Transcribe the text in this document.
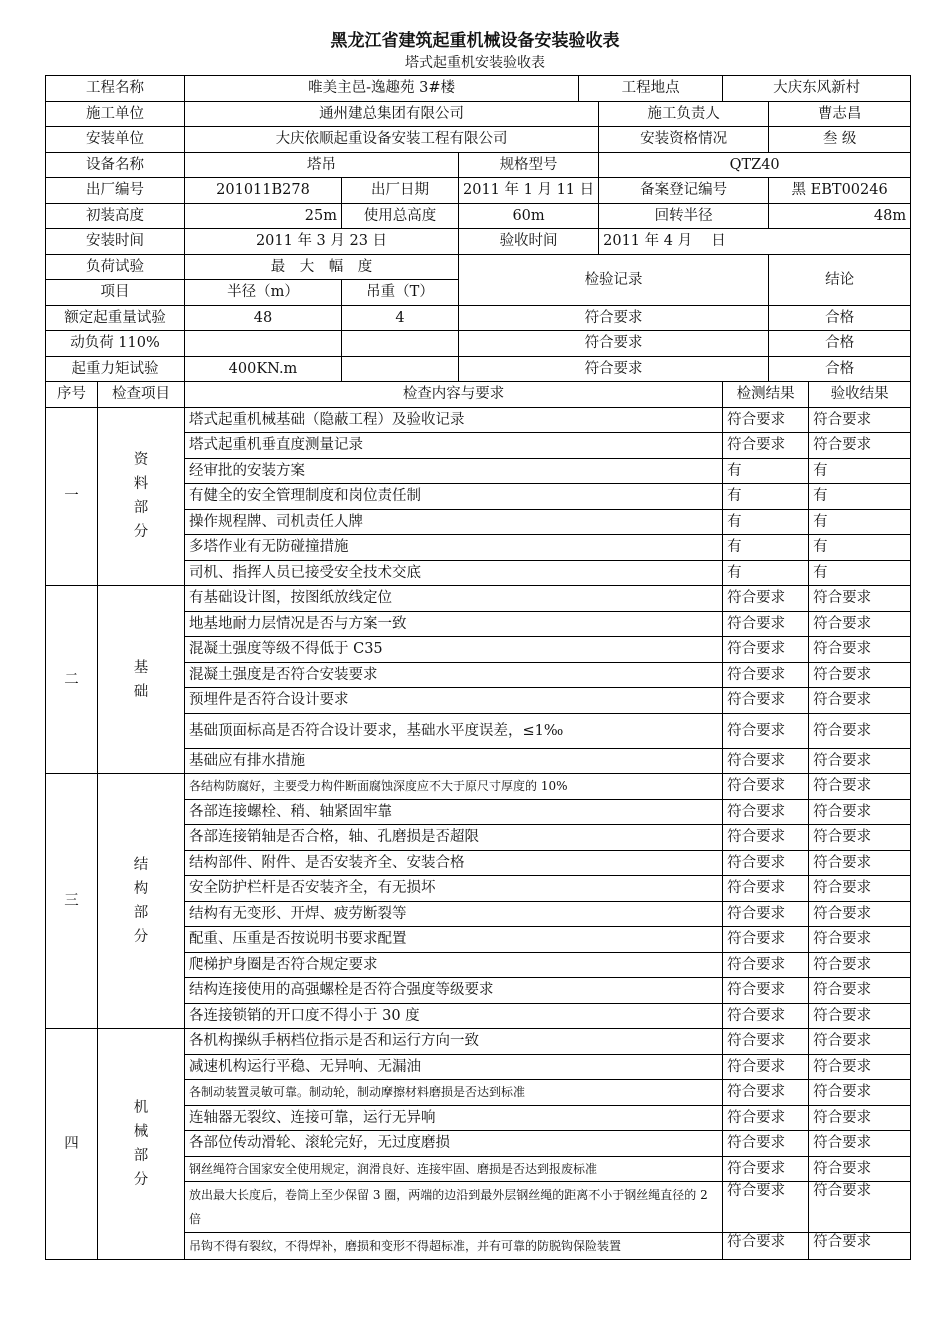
黑龙江省建筑起重机械设备安装验收表
塔式起重机安装验收表
工程名称		唯美主邑-逸趣苑 3#楼			工程地点		大庆东风新村		
施工单位		通州建总集团有限公司				施工负责人		曹志昌	
安装单位		大庆依顺起重设备安装工程有限公司				安装资格情况		叁 级	
设备名称		塔吊		规格型号		QTZ40			
出厂编号		201011B278	出厂日期	2011 年 1 月 11 日		备案登记编号		黑 EBT00246	
初装高度		25m	使用总高度	60m		回转半径		48m	
安装时间		2011 年 3 月 23 日		验收时间		2011 年 4 月　 日			
负荷试验		最　大　幅　度		检验记录				结论	
项目		半径（m）	吊重（T）						
额定起重量试验		48	4	符合要求				合格	
动负荷 110%				符合要求				合格	
起重力矩试验		400KN.m		符合要求				合格	
序号	检查项目	检查内容与要求					检测结果		验收结果
一	资料部分	塔式起重机械基础（隐蔽工程）及验收记录					符合要求		符合要求
		塔式起重机垂直度测量记录					符合要求		符合要求
		经审批的安装方案					有		有
		有健全的安全管理制度和岗位责任制					有		有
		操作规程牌、司机责任人牌					有		有
		多塔作业有无防碰撞措施					有		有
		司机、指挥人员已接受安全技术交底					有		有
二	基础	有基础设计图，按图纸放线定位					符合要求		符合要求
		地基地耐力层情况是否与方案一致					符合要求		符合要求
		混凝土强度等级不得低于 C35					符合要求		符合要求
		混凝土强度是否符合安装要求					符合要求		符合要求
		预埋件是否符合设计要求					符合要求		符合要求
		基础顶面标高是否符合设计要求，基础水平度误差，≤1‰					符合要求		符合要求
		基础应有排水措施					符合要求		符合要求
三	结构部分	各结构防腐好，主要受力构件断面腐蚀深度应不大于原尺寸厚度的 10%					符合要求		符合要求
		各部连接螺栓、稍、轴紧固牢靠					符合要求		符合要求
		各部连接销轴是否合格，轴、孔磨损是否超限					符合要求		符合要求
		结构部件、附件、是否安装齐全、安装合格					符合要求		符合要求
		安全防护栏杆是否安装齐全，有无损坏					符合要求		符合要求
		结构有无变形、开焊、疲劳断裂等					符合要求		符合要求
		配重、压重是否按说明书要求配置					符合要求		符合要求
		爬梯护身圈是否符合规定要求					符合要求		符合要求
		结构连接使用的高强螺栓是否符合强度等级要求					符合要求		符合要求
		各连接锁销的开口度不得小于 30 度					符合要求		符合要求
四	机械部分	各机构操纵手柄档位指示是否和运行方向一致					符合要求		符合要求
		减速机构运行平稳、无异响、无漏油					符合要求		符合要求
		各制动装置灵敏可靠。制动轮，制动摩擦材料磨损是否达到标准					符合要求		符合要求
		连轴器无裂纹、连接可靠，运行无异响					符合要求		符合要求
		各部位传动滑轮、滚轮完好，无过度磨损					符合要求		符合要求
		钢丝绳符合国家安全使用规定，润滑良好、连接牢固、磨损是否达到报废标准					符合要求		符合要求
		放出最大长度后，卷筒上至少保留 3 圈，两端的边沿到最外层钢丝绳的距离不小于钢丝绳直径的 2 倍					符合要求		符合要求
		吊钩不得有裂纹，不得焊补，磨损和变形不得超标准，并有可靠的防脱钩保险装置					符合要求		符合要求
